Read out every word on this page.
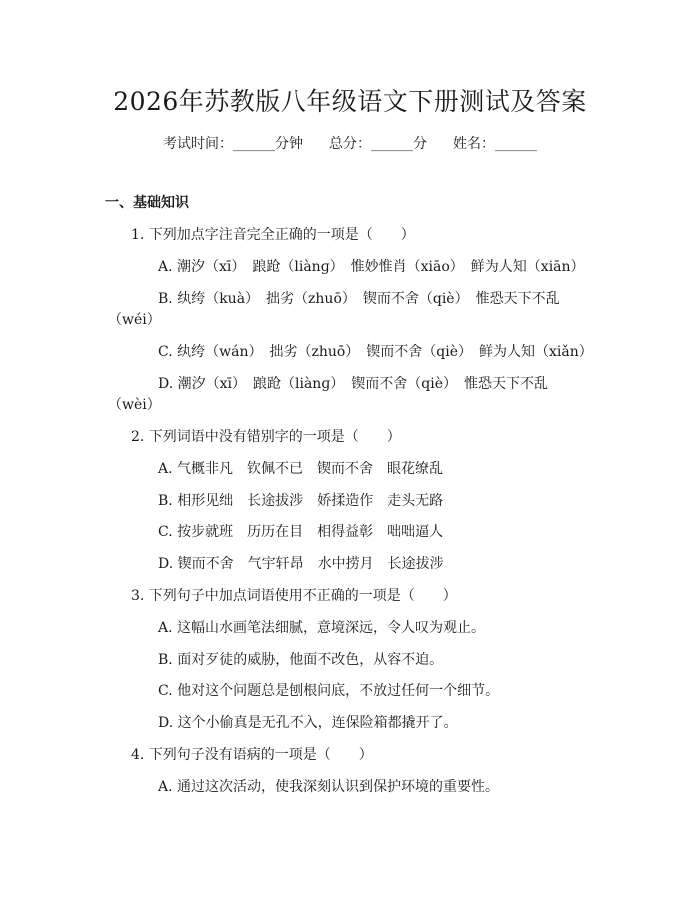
2026年苏教版八年级语文下册测试及答案
考试时间：______分钟 总分：______分 姓名：______
一、基础知识
1. 下列加点字注音完全正确的一项是（　　）
A. 潮汐（xī）　踉跄（liànɡ）　惟妙惟肖（xiāo）　鲜为人知（xiān）
B. 纨绔（kuà）　拙劣（zhuō）　锲而不舍（qiè）　惟恐天下不乱
（wéi）
C. 纨绔（wán）　拙劣（zhuō）　锲而不舍（qiè）　鲜为人知（xiǎn）
D. 潮汐（xī）　踉跄（liànɡ）　锲而不舍（qiè）　惟恐天下不乱
（wèi）
2. 下列词语中没有错别字的一项是（　　）
A. 气概非凡　钦佩不已　锲而不舍　眼花缭乱
B. 相形见绌　长途拔涉　娇揉造作　走头无路
C. 按步就班　历历在目　相得益彰　咄咄逼人
D. 锲而不舍　气宇轩昂　水中捞月　长途拔涉
3. 下列句子中加点词语使用不正确的一项是（　　）
A. 这幅山水画笔法细腻，意境深远，令人叹为观止。
B. 面对歹徒的威胁，他面不改色，从容不迫。
C. 他对这个问题总是刨根问底，不放过任何一个细节。
D. 这个小偷真是无孔不入，连保险箱都撬开了。
4. 下列句子没有语病的一项是（　　）
A. 通过这次活动，使我深刻认识到保护环境的重要性。
